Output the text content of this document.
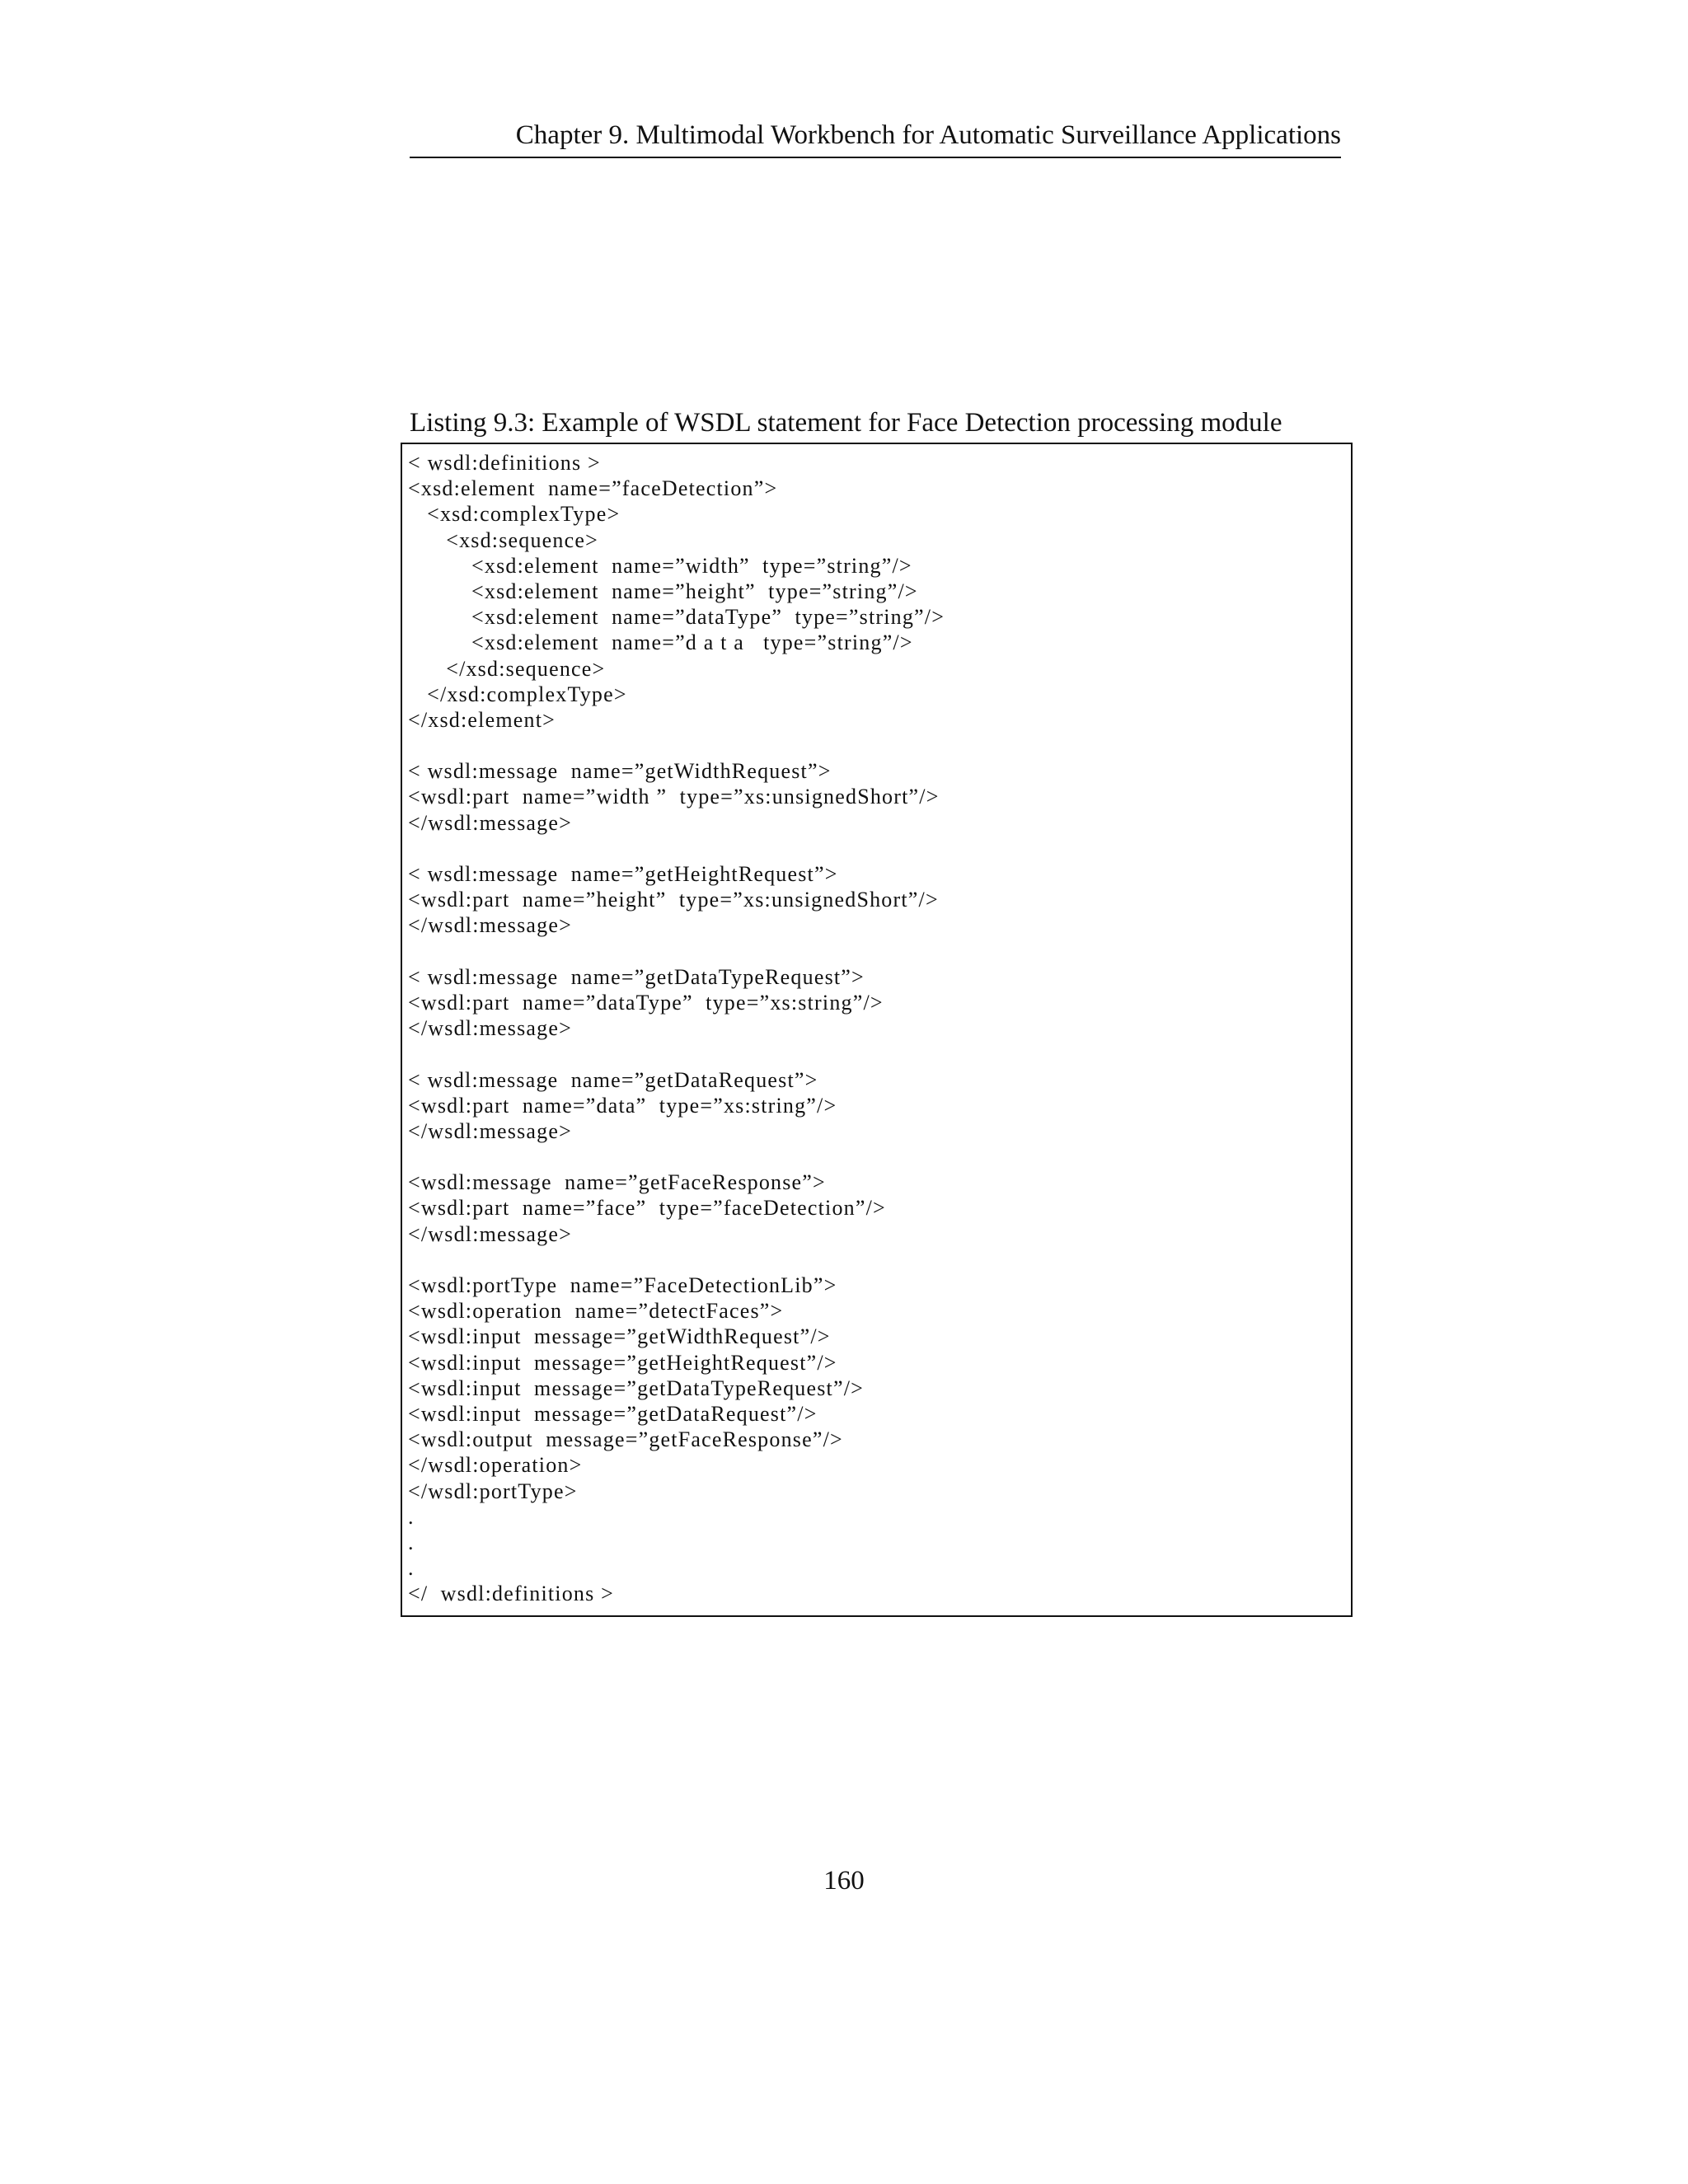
Chapter 9. Multimodal Workbench for Automatic Surveillance Applications
Listing 9.3: Example of WSDL statement for Face Detection processing module
< wsdl:definitions >
<xsd:element  name=”faceDetection”>
<xsd:complexType>
<xsd:sequence>
<xsd:element  name=”width”  type=”string”/>
<xsd:element  name=”height”  type=”string”/>
<xsd:element  name=”dataType”  type=”string”/>
<xsd:element  name=”d a t a   type=”string”/>
</xsd:sequence>
</xsd:complexType>
</xsd:element>
< wsdl:message  name=”getWidthRequest”>
<wsdl:part  name=”width ”  type=”xs:unsignedShort”/>
</wsdl:message>
< wsdl:message  name=”getHeightRequest”>
<wsdl:part  name=”height”  type=”xs:unsignedShort”/>
</wsdl:message>
< wsdl:message  name=”getDataTypeRequest”>
<wsdl:part  name=”dataType”  type=”xs:string”/>
</wsdl:message>
< wsdl:message  name=”getDataRequest”>
<wsdl:part  name=”data”  type=”xs:string”/>
</wsdl:message>
<wsdl:message  name=”getFaceResponse”>
<wsdl:part  name=”face”  type=”faceDetection”/>
</wsdl:message>
<wsdl:portType  name=”FaceDetectionLib”>
<wsdl:operation  name=”detectFaces”>
<wsdl:input  message=”getWidthRequest”/>
<wsdl:input  message=”getHeightRequest”/>
<wsdl:input  message=”getDataTypeRequest”/>
<wsdl:input  message=”getDataRequest”/>
<wsdl:output  message=”getFaceResponse”/>
</wsdl:operation>
</wsdl:portType>
.
.
.
</  wsdl:definitions >
160
